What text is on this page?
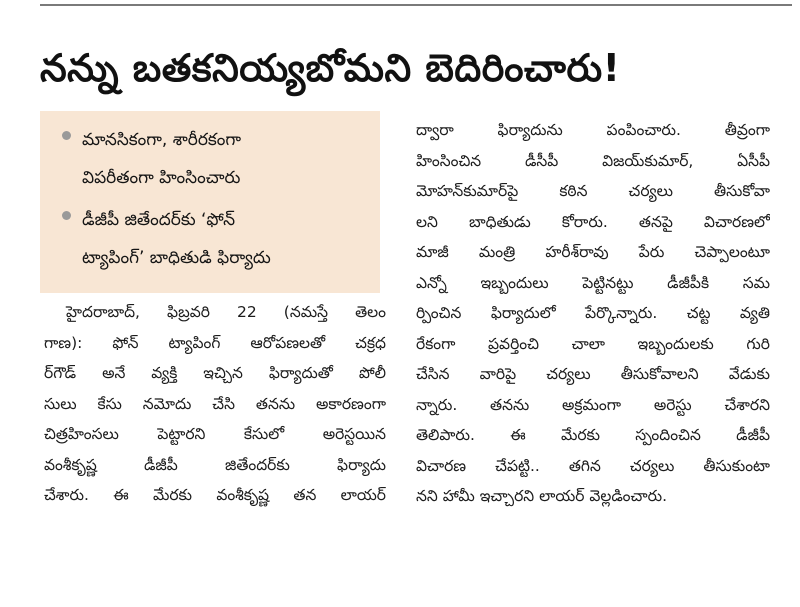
నన్ను బతకనియ్యబోమని బెదిరించారు!
మానసికంగా, శారీరకంగా
విపరీతంగా హింసించారు
డీజీపీ జితేందర్‌కు ‘ఫోన్
ట్యాపింగ్’ బాధితుడి ఫిర్యాదు
హైదరాబాద్, ఫిబ్రవరి 22 (నమస్తే తెలం
గాణ): ఫోన్ ట్యాపింగ్ ఆరోపణలతో చక్రధ
ర్‌గౌడ్ అనే వ్యక్తి ఇచ్చిన ఫిర్యాదుతో పోలీ
సులు కేసు నమోదు చేసి తనను అకారణంగా
చిత్రహింసలు పెట్టారని కేసులో అరెస్టయిన
వంశీకృష్ణ డీజీపీ జితేందర్‌కు ఫిర్యాదు
చేశారు. ఈ మేరకు వంశీకృష్ణ తన లాయర్
ద్వారా ఫిర్యాదును పంపించారు. తీవ్రంగా
హింసించిన డీసీపీ విజయ్‌కుమార్, ఏసీపీ
మోహన్‌కుమార్‌పై కఠిన చర్యలు తీసుకోవా
లని బాధితుడు కోరారు. తనపై విచారణలో
మాజీ మంత్రి హరీశ్‌రావు పేరు చెప్పాలంటూ
ఎన్నో ఇబ్బందులు పెట్టినట్టు డీజీపీకి సమ
ర్పించిన ఫిర్యాదులో పేర్కొన్నారు. చట్ట వ్యతి
రేకంగా ప్రవర్తించి చాలా ఇబ్బందులకు గురి
చేసిన వారిపై చర్యలు తీసుకోవాలని వేడుకు
న్నారు. తనను అక్రమంగా అరెస్టు చేశారని
తెలిపారు. ఈ మేరకు స్పందించిన డీజీపీ
విచారణ చేపట్టి.. తగిన చర్యలు తీసుకుంటా
నని హామీ ఇచ్చారని లాయర్ వెల్లడించారు.
